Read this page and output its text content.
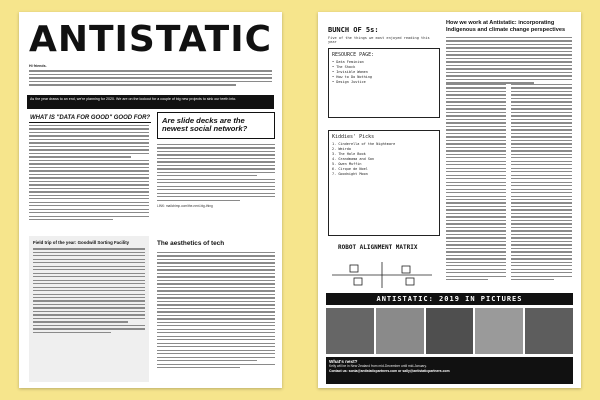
ANTISTATIC
Hi friends.
As the year draws to an end, we're planning for 2020. We are on the lookout for a couple of big new projects to sink our teeth into.
WHAT IS "DATA FOR GOOD" GOOD FOR? Are slide decks are the newest social network?
LINK: mailchimp.com/the-next-big-thing
Field trip of the year: Goodwill Sorting Facility	The aesthetics of tech
BUNCH OF 5s:
Five of the things we most enjoyed reading this year
RESOURCE PAGE:
• Data Feminism
• The Shock
• Invisible Women
• How to Do Nothing
• Design Justice
Kiddies' Picks
1. Cinderella of the Nightmare
2. Weirdo
3. The Hole Book
4. Grandmama and Son
5. Owen Muffin
6. Cirque de Noel
7. Goodnight Moon
ROBOT ALIGNMENT MATRIX
How we work at Antistatic: incorporating Indigenous and climate change perspectives
ANTISTATIC: 2019 IN PICTURES
What's next?
Kelly will be in New Zealand from mid-December until mid-January.
Contact us: sonia@antistaticpartners.com or sally@antistaticpartners.com
